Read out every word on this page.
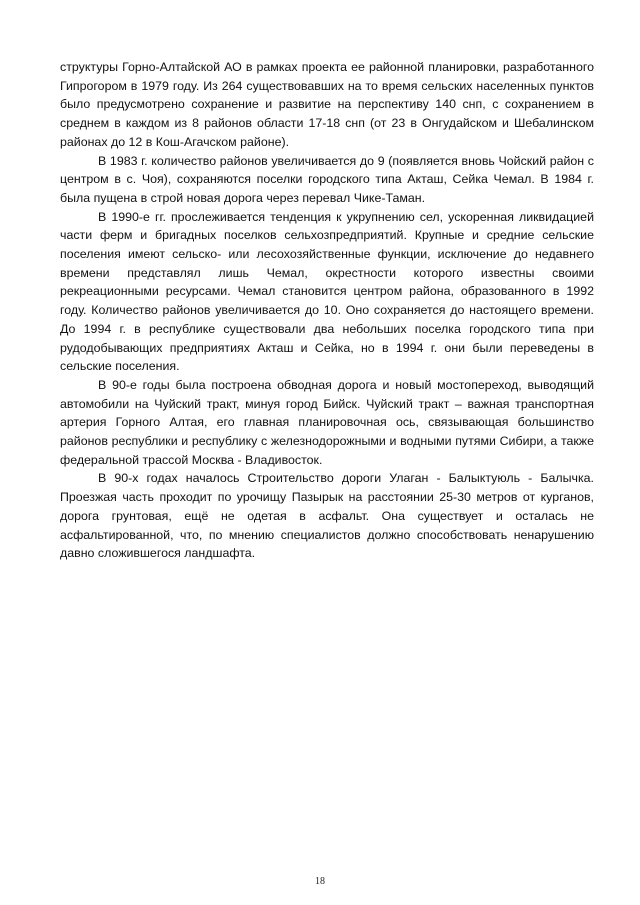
структуры Горно-Алтайской АО в рамках проекта ее районной планировки, разработанного Гипрогором в 1979 году. Из 264 существовавших на то время сельских населенных пунктов было предусмотрено сохранение и развитие на перспективу 140 снп, с сохранением в среднем в каждом из 8 районов области 17-18 снп (от 23 в Онгудайском и Шебалинском районах до 12 в Кош-Агачском районе).

В 1983 г. количество районов увеличивается до 9 (появляется вновь Чойский район с центром в с. Чоя), сохраняются поселки городского типа Акташ, Сейка Чемал. В 1984 г. была пущена в строй новая дорога через перевал Чике-Таман.

В 1990-е гг. прослеживается тенденция к укрупнению сел, ускоренная ликвидацией части ферм и бригадных поселков сельхозпредприятий. Крупные и средние сельские поселения имеют сельско- или лесохозяйственные функции, исключение до недавнего времени представлял лишь Чемал, окрестности которого известны своими рекреационными ресурсами. Чемал становится центром района, образованного в 1992 году. Количество районов увеличивается до 10. Оно сохраняется до настоящего времени. До 1994 г. в республике существовали два небольших поселка городского типа при рудодобывающих предприятиях Акташ и Сейка, но в 1994 г. они были переведены в сельские поселения.

В 90-е годы была построена обводная дорога и новый мостопереход, выводящий автомобили на Чуйский тракт, минуя город Бийск. Чуйский тракт – важная транспортная артерия Горного Алтая, его главная планировочная ось, связывающая большинство районов республики и республику с железнодорожными и водными путями Сибири, а также федеральной трассой Москва - Владивосток.

В 90-х годах началось Строительство дороги Улаган - Балыктуюль - Балычка. Проезжая часть проходит по урочищу Пазырык на расстоянии 25-30 метров от курганов, дорога грунтовая, ещё не одетая в асфальт. Она существует и осталась не асфальтированной, что, по мнению специалистов должно способствовать ненарушению давно сложившегося ландшафта.

18
